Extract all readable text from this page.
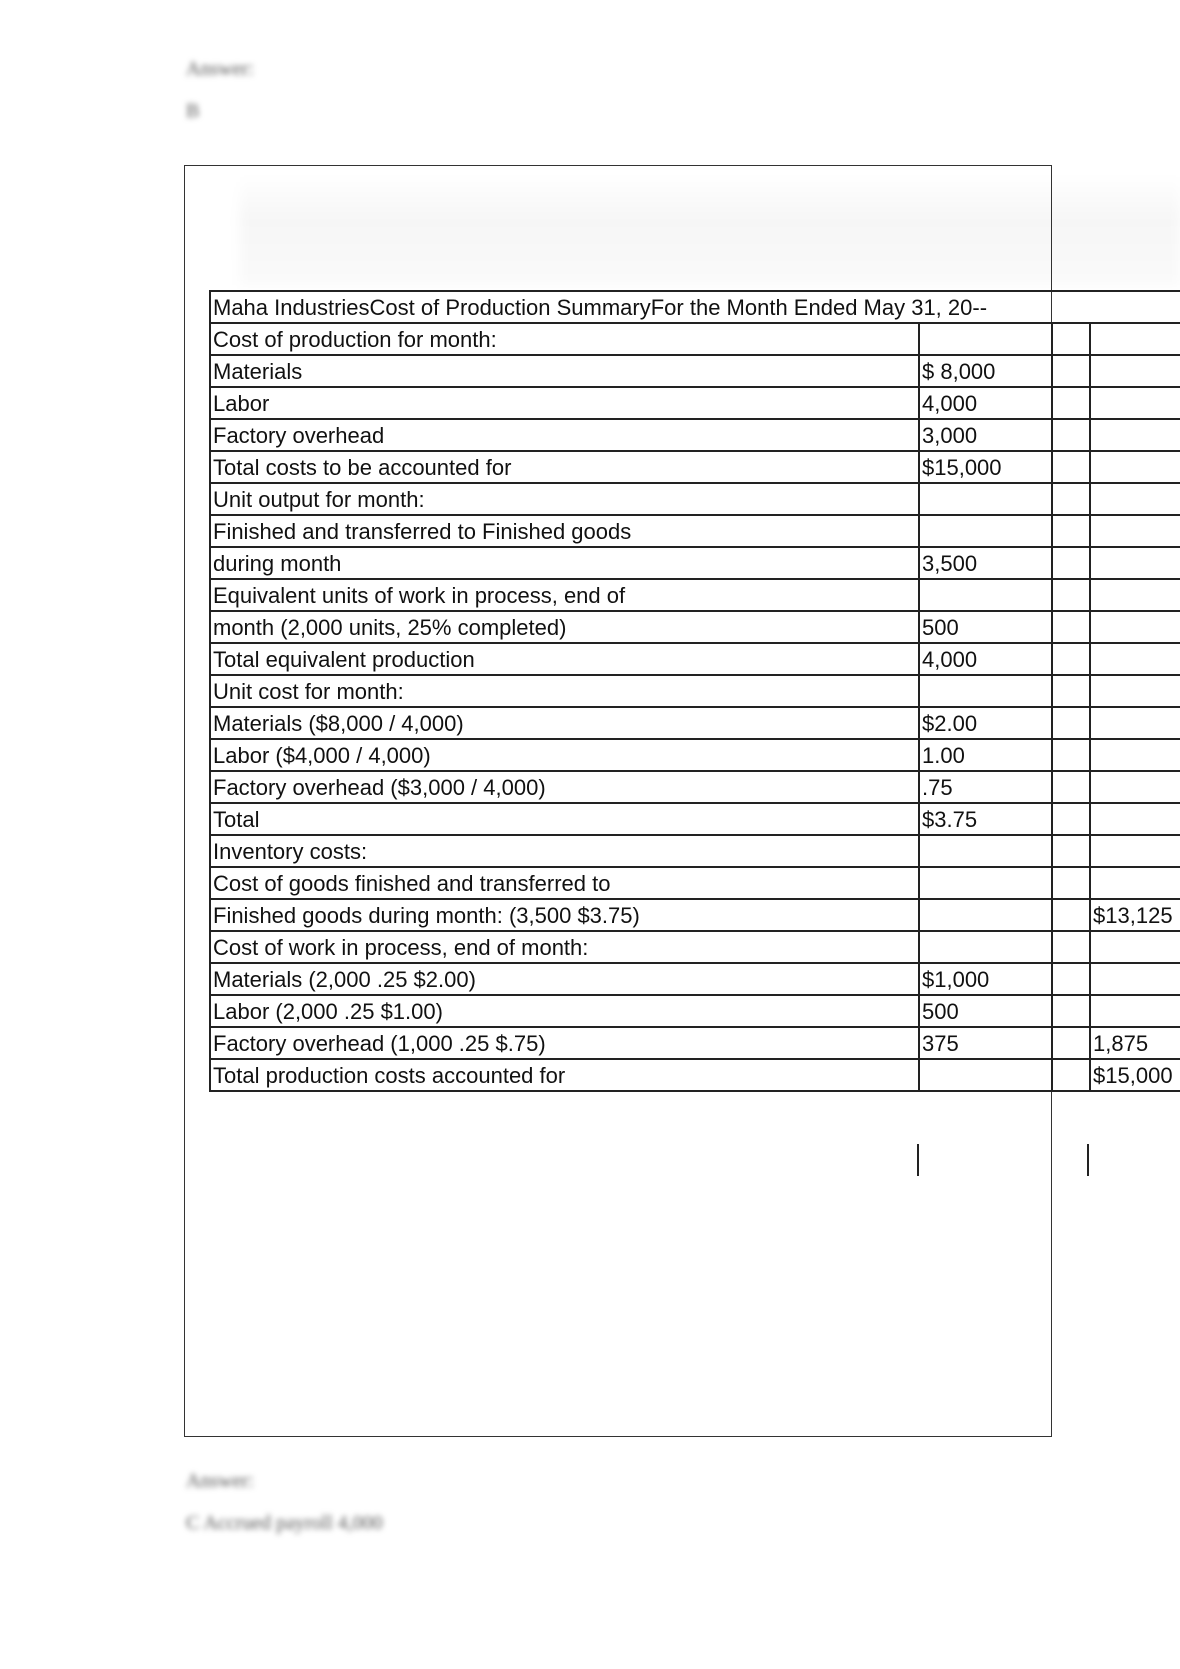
Answer:
B
Maha IndustriesCost of Production SummaryFor the Month Ended May 31, 20--			
Cost of production for month:			
Materials	$ 8,000		
Labor	4,000		
Factory overhead	3,000		
Total costs to be accounted for	$15,000		
Unit output for month:			
Finished and transferred to Finished goods			
during month	3,500		
Equivalent units of work in process, end of			
month (2,000 units, 25% completed)	500		
Total equivalent production	4,000		
Unit cost for month:			
Materials ($8,000 / 4,000)	$2.00		
Labor ($4,000 / 4,000)	1.00		
Factory overhead ($3,000 / 4,000)	.75		
Total	$3.75		
Inventory costs:			
Cost of goods finished and transferred to			
Finished goods during month: (3,500 $3.75)			$13,125
Cost of work in process, end of month:			
Materials (2,000 .25 $2.00)	$1,000		
Labor (2,000 .25 $1.00)	500		
Factory overhead (1,000 .25 $.75)	375		1,875
Total production costs accounted for			$15,000
Answer:
C Accrued payroll 4,000
